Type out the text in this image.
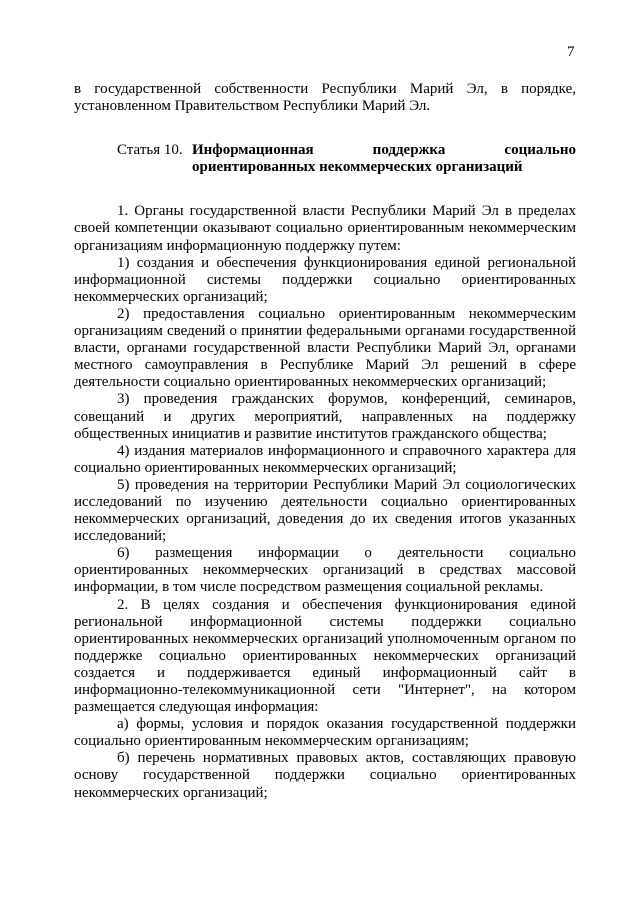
7

в государственной собственности Республики Марий Эл, в порядке, установленном Правительством Республики Марий Эл.

Статья 10. Информационная поддержка социально ориентированных некоммерческих организаций

1. Органы государственной власти Республики Марий Эл в пределах своей компетенции оказывают социально ориентированным некоммерческим организациям информационную поддержку путем:

1) создания и обеспечения функционирования единой региональной информационной системы поддержки социально ориентированных некоммерческих организаций;

2) предоставления социально ориентированным некоммерческим организациям сведений о принятии федеральными органами государственной власти, органами государственной власти Республики Марий Эл, органами местного самоуправления в Республике Марий Эл решений в сфере деятельности социально ориентированных некоммерческих организаций;

3) проведения гражданских форумов, конференций, семинаров, совещаний и других мероприятий, направленных на поддержку общественных инициатив и развитие институтов гражданского общества;

4) издания материалов информационного и справочного характера для социально ориентированных некоммерческих организаций;

5) проведения на территории Республики Марий Эл социологических исследований по изучению деятельности социально ориентированных некоммерческих организаций, доведения до их сведения итогов указанных исследований;

6) размещения информации о деятельности социально ориентированных некоммерческих организаций в средствах массовой информации, в том числе посредством размещения социальной рекламы.

2. В целях создания и обеспечения функционирования единой региональной информационной системы поддержки социально ориентированных некоммерческих организаций уполномоченным органом по поддержке социально ориентированных некоммерческих организаций создается и поддерживается единый информационный сайт в информационно-телекоммуникационной сети "Интернет", на котором размещается следующая информация:

а) формы, условия и порядок оказания государственной поддержки социально ориентированным некоммерческим организациям;

б) перечень нормативных правовых актов, составляющих правовую основу государственной поддержки социально ориентированных некоммерческих организаций;
